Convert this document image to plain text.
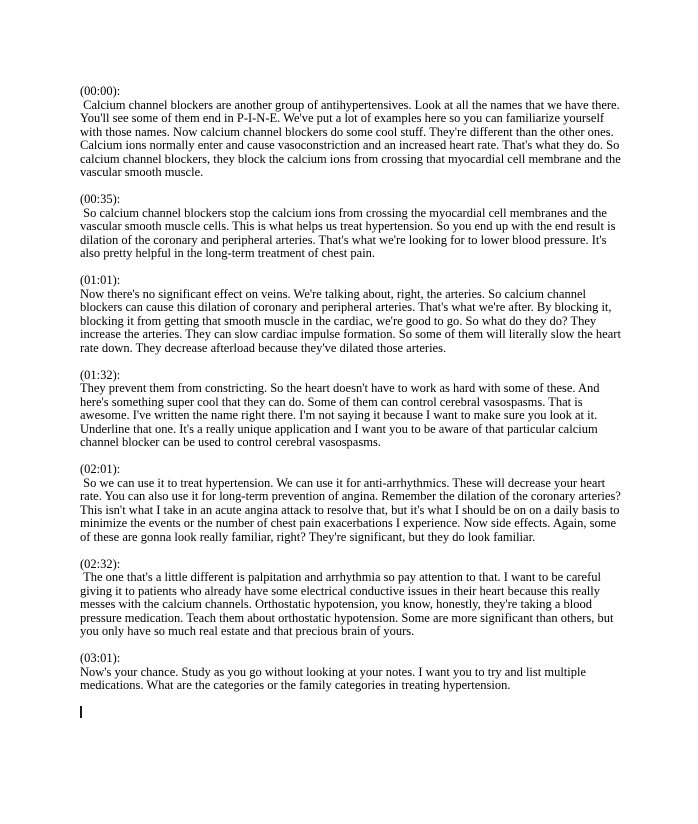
(00:00):
Calcium channel blockers are another group of antihypertensives. Look at all the names that we have there. You'll see some of them end in P-I-N-E. We've put a lot of examples here so you can familiarize yourself with those names. Now calcium channel blockers do some cool stuff. They're different than the other ones. Calcium ions normally enter and cause vasoconstriction and an increased heart rate. That's what they do. So calcium channel blockers, they block the calcium ions from crossing that myocardial cell membrane and the vascular smooth muscle.
(00:35):
So calcium channel blockers stop the calcium ions from crossing the myocardial cell membranes and the vascular smooth muscle cells. This is what helps us treat hypertension. So you end up with the end result is dilation of the coronary and peripheral arteries. That's what we're looking for to lower blood pressure. It's also pretty helpful in the long-term treatment of chest pain.
(01:01):
Now there's no significant effect on veins. We're talking about, right, the arteries. So calcium channel blockers can cause this dilation of coronary and peripheral arteries. That's what we're after. By blocking it, blocking it from getting that smooth muscle in the cardiac, we're good to go. So what do they do? They increase the arteries. They can slow cardiac impulse formation. So some of them will literally slow the heart rate down. They decrease afterload because they've dilated those arteries.
(01:32):
They prevent them from constricting. So the heart doesn't have to work as hard with some of these. And here's something super cool that they can do. Some of them can control cerebral vasospasms. That is awesome. I've written the name right there. I'm not saying it because I want to make sure you look at it. Underline that one. It's a really unique application and I want you to be aware of that particular calcium channel blocker can be used to control cerebral vasospasms.
(02:01):
So we can use it to treat hypertension. We can use it for anti-arrhythmics. These will decrease your heart rate. You can also use it for long-term prevention of angina. Remember the dilation of the coronary arteries? This isn't what I take in an acute angina attack to resolve that, but it's what I should be on on a daily basis to minimize the events or the number of chest pain exacerbations I experience. Now side effects. Again, some of these are gonna look really familiar, right? They're significant, but they do look familiar.
(02:32):
The one that's a little different is palpitation and arrhythmia so pay attention to that. I want to be careful giving it to patients who already have some electrical conductive issues in their heart because this really messes with the calcium channels. Orthostatic hypotension, you know, honestly, they're taking a blood pressure medication. Teach them about orthostatic hypotension. Some are more significant than others, but you only have so much real estate and that precious brain of yours.
(03:01):
Now's your chance. Study as you go without looking at your notes. I want you to try and list multiple medications. What are the categories or the family categories in treating hypertension.
